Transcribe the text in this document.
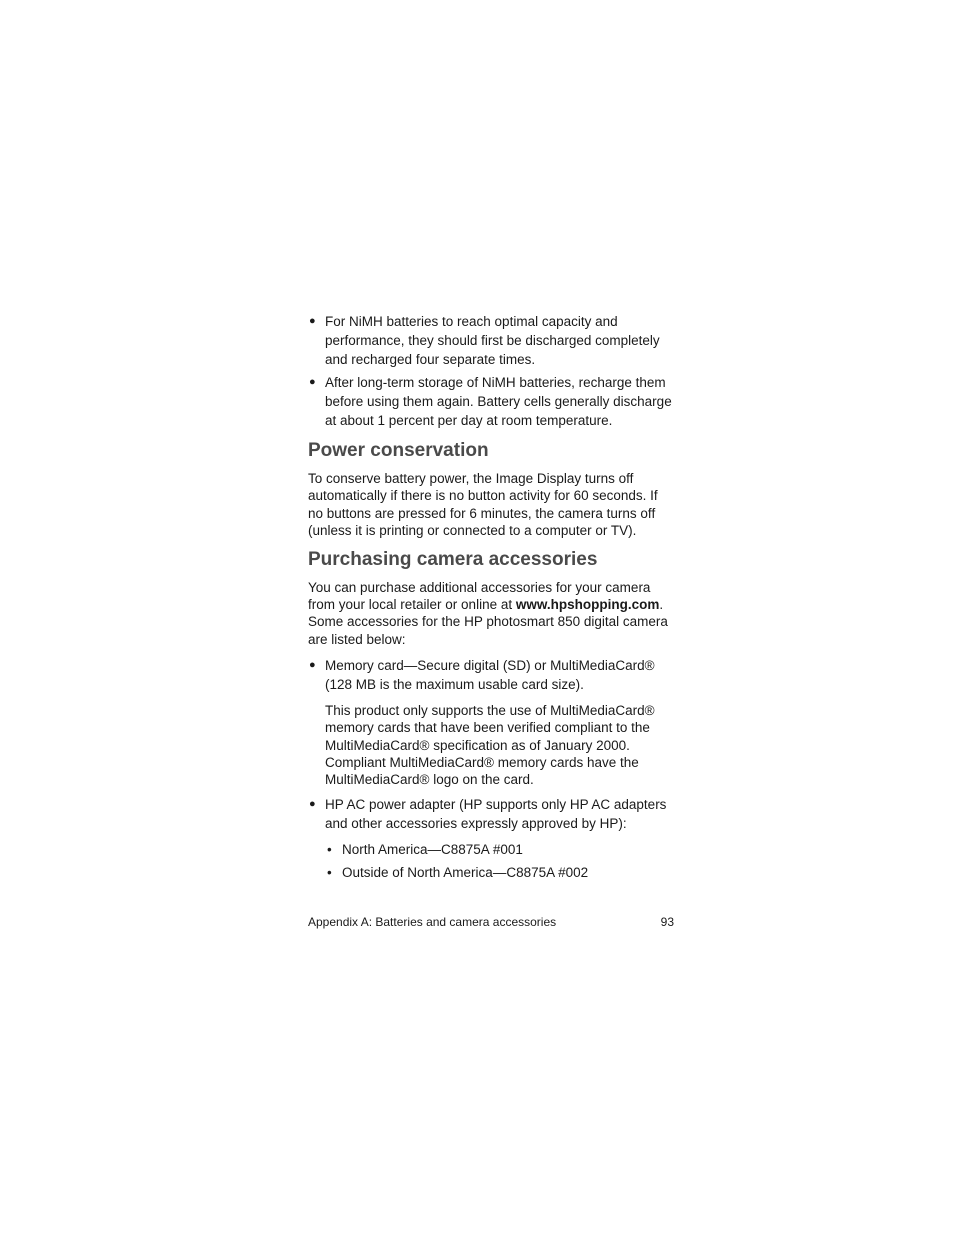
● For NiMH batteries to reach optimal capacity and performance, they should first be discharged completely and recharged four separate times.
● After long-term storage of NiMH batteries, recharge them before using them again. Battery cells generally discharge at about 1 percent per day at room temperature.
Power conservation
To conserve battery power, the Image Display turns off automatically if there is no button activity for 60 seconds. If no buttons are pressed for 6 minutes, the camera turns off (unless it is printing or connected to a computer or TV).
Purchasing camera accessories
You can purchase additional accessories for your camera from your local retailer or online at www.hpshopping.com. Some accessories for the HP photosmart 850 digital camera are listed below:
● Memory card—Secure digital (SD) or MultiMediaCard® (128 MB is the maximum usable card size).
This product only supports the use of MultiMediaCard® memory cards that have been verified compliant to the MultiMediaCard® specification as of January 2000. Compliant MultiMediaCard® memory cards have the MultiMediaCard® logo on the card.
● HP AC power adapter (HP supports only HP AC adapters and other accessories expressly approved by HP):
• North America—C8875A #001
• Outside of North America—C8875A #002
Appendix A: Batteries and camera accessories	93
